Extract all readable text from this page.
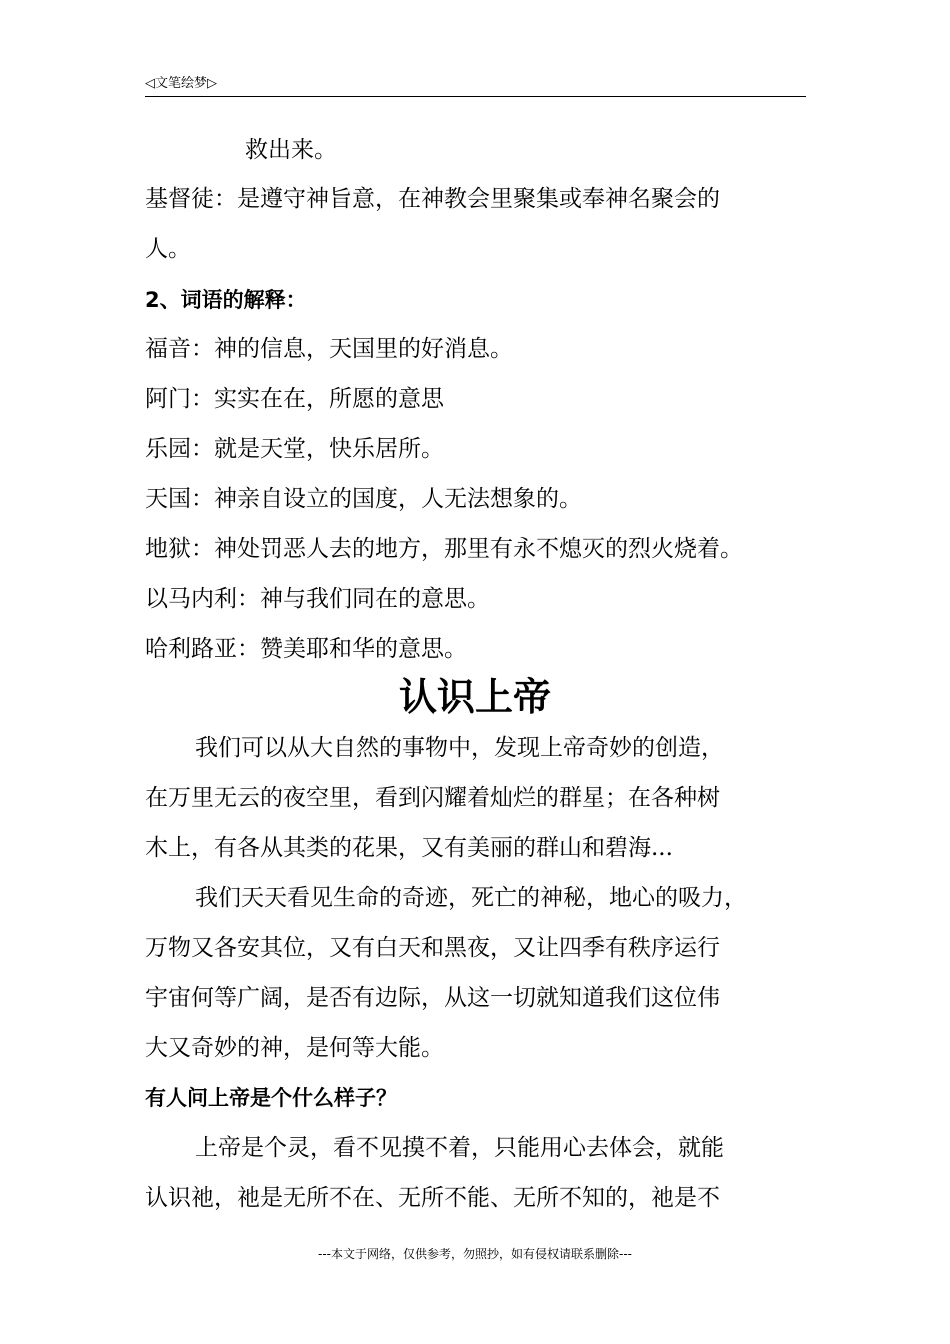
◁文笔绘梦▷
救出来。
基督徒：是遵守神旨意，在神教会里聚集或奉神名聚会的
人。
2、词语的解释：
福音：神的信息，天国里的好消息。
阿门：实实在在，所愿的意思
乐园：就是天堂，快乐居所。
天国：神亲自设立的国度，人无法想象的。
地狱：神处罚恶人去的地方，那里有永不熄灭的烈火烧着。
以马内利：神与我们同在的意思。
哈利路亚：赞美耶和华的意思。
认识上帝
我们可以从大自然的事物中，发现上帝奇妙的创造，
在万里无云的夜空里，看到闪耀着灿烂的群星；在各种树
木上，有各从其类的花果，又有美丽的群山和碧海...
我们天天看见生命的奇迹，死亡的神秘，地心的吸力，
万物又各安其位，又有白天和黑夜，又让四季有秩序运行
宇宙何等广阔，是否有边际，从这一切就知道我们这位伟
大又奇妙的神，是何等大能。
有人问上帝是个什么样子？
上帝是个灵，看不见摸不着，只能用心去体会，就能
认识祂，祂是无所不在、无所不能、无所不知的，祂是不
---本文于网络，仅供参考，勿照抄，如有侵权请联系删除---
